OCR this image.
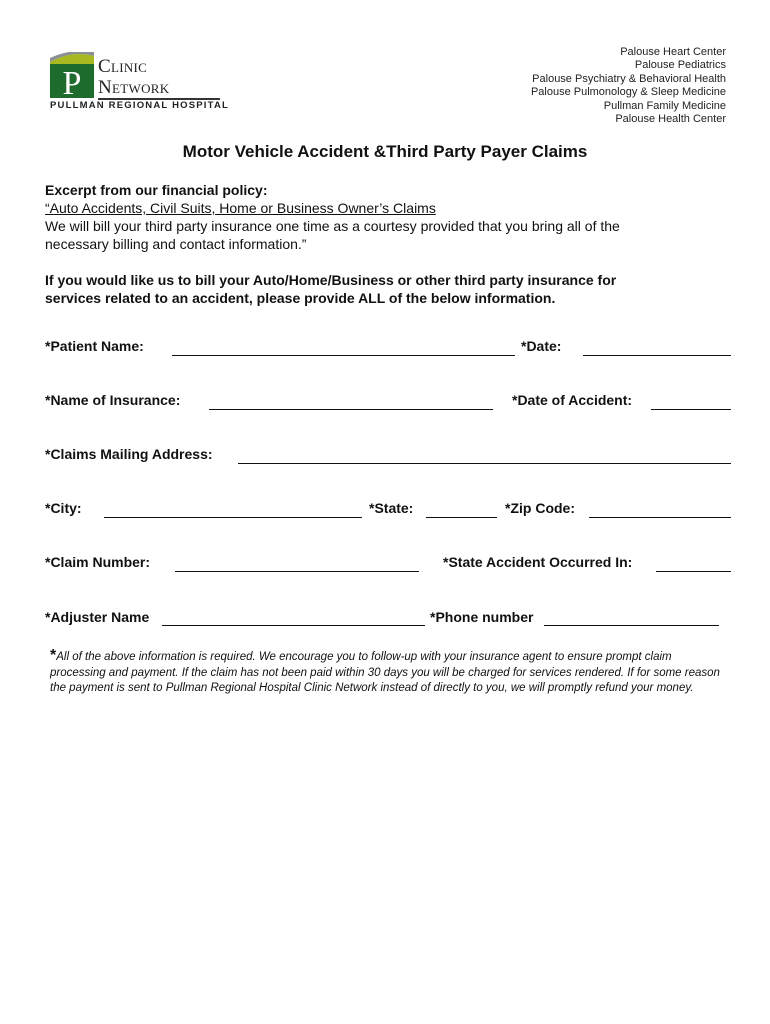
P Clinic
Network
PULLMAN REGIONAL HOSPITAL
Palouse Heart Center
Palouse Pediatrics
Palouse Psychiatry & Behavioral Health
Palouse Pulmonology & Sleep Medicine
Pullman Family Medicine
Palouse Health Center
Motor Vehicle Accident &Third Party Payer Claims
Excerpt from our financial policy:
“Auto Accidents, Civil Suits, Home or Business Owner’s Claims
We will bill your third party insurance one time as a courtesy provided that you bring all of the
necessary billing and contact information.”
If you would like us to bill your Auto/Home/Business or other third party insurance for
services related to an accident, please provide ALL of the below information.
*Patient Name:	*Date:
*Name of Insurance:	*Date of Accident:
*Claims Mailing Address:
*City:	*State:	*Zip Code:
*Claim Number:	*State Accident Occurred In:
*Adjuster Name	*Phone number
*All of the above information is required. We encourage you to follow-up with your insurance agent to ensure prompt claim processing and payment. If the claim has not been paid within 30 days you will be charged for services rendered. If for some reason the payment is sent to Pullman Regional Hospital Clinic Network instead of directly to you, we will promptly refund your money.
